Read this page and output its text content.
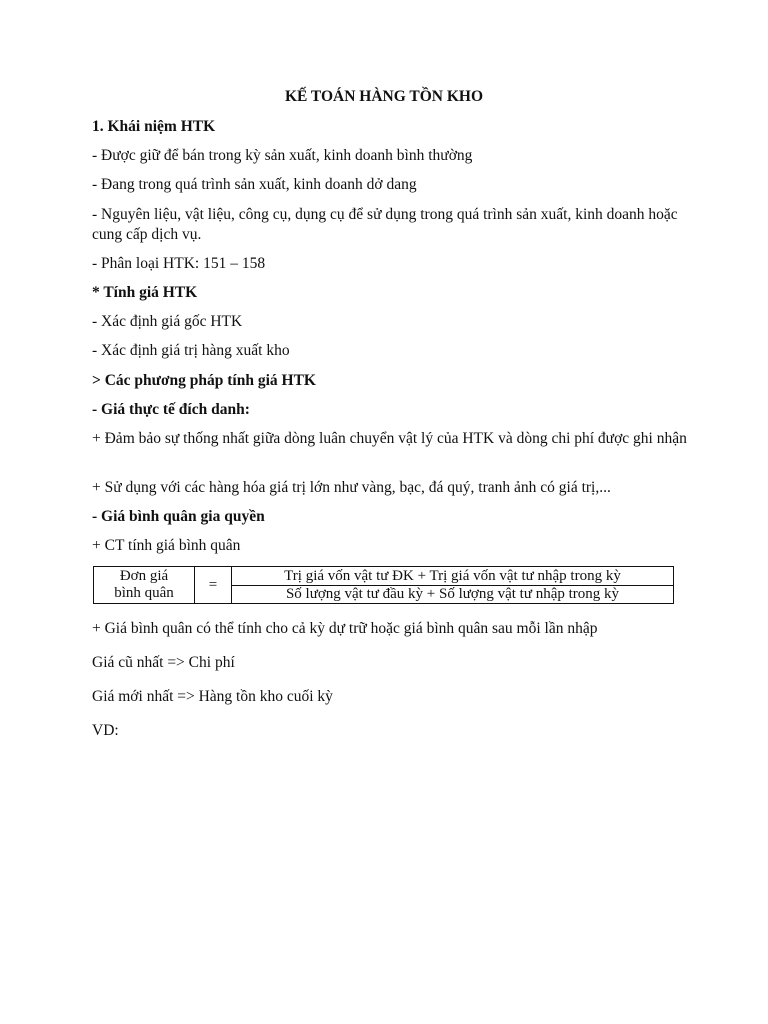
KẾ TOÁN HÀNG TỒN KHO
1. Khái niệm HTK
- Được giữ để bán trong kỳ sản xuất, kinh doanh bình thường
- Đang trong quá trình sản xuất, kinh doanh dở dang
- Nguyên liệu, vật liệu, công cụ, dụng cụ để sử dụng trong quá trình sản xuất, kinh doanh hoặc cung cấp dịch vụ.
- Phân loại HTK: 151 – 158
* Tính giá HTK
- Xác định giá gốc HTK
- Xác định giá trị hàng xuất kho
> Các phương pháp tính giá HTK
- Giá thực tế đích danh:
+ Đảm bảo sự thống nhất giữa dòng luân chuyển vật lý của HTK và dòng chi phí được ghi nhận
+ Sử dụng với các hàng hóa giá trị lớn như vàng, bạc, đá quý, tranh ảnh có giá trị,...
- Giá bình quân gia quyền
+ CT tính giá bình quân
Đơn giá
bình quân	=
Trị giá vốn vật tư ĐK + Trị giá vốn vật tư nhập trong kỳ
Số lượng vật tư đầu kỳ + Số lượng vật tư nhập trong kỳ
+ Giá bình quân có thể tính cho cả kỳ dự trữ hoặc giá bình quân sau mỗi lần nhập
Giá cũ nhất => Chi phí
Giá mới nhất => Hàng tồn kho cuối kỳ
VD:
